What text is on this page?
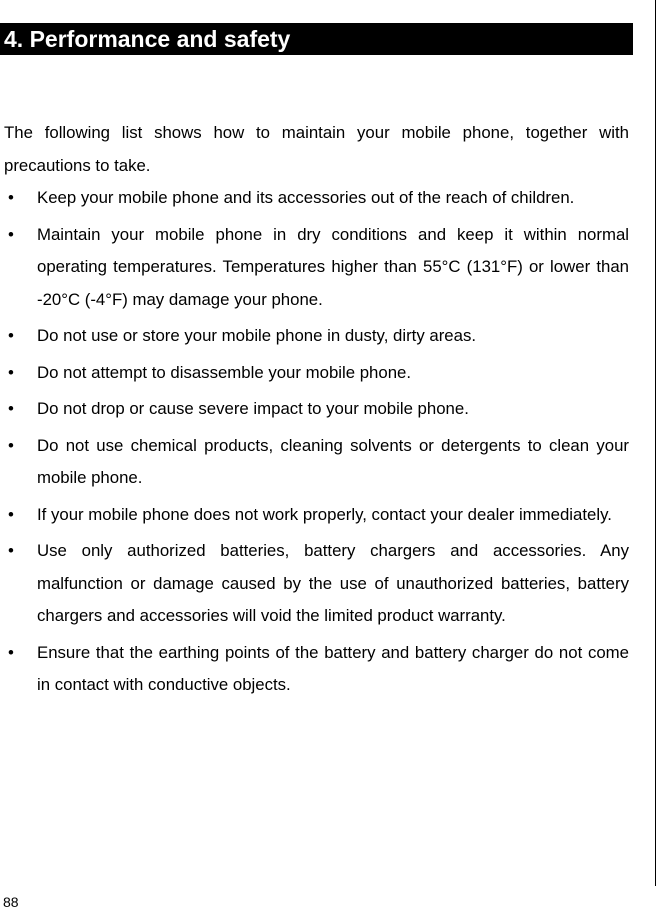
4. Performance and safety

The following list shows how to maintain your mobile phone, together with precautions to take.

• Keep your mobile phone and its accessories out of the reach of children.
• Maintain your mobile phone in dry conditions and keep it within normal operating temperatures. Temperatures higher than 55°C (131°F) or lower than -20°C (-4°F) may damage your phone.
• Do not use or store your mobile phone in dusty, dirty areas.
• Do not attempt to disassemble your mobile phone.
• Do not drop or cause severe impact to your mobile phone.
• Do not use chemical products, cleaning solvents or detergents to clean your mobile phone.
• If your mobile phone does not work properly, contact your dealer immediately.
• Use only authorized batteries, battery chargers and accessories. Any malfunction or damage caused by the use of unauthorized batteries, battery chargers and accessories will void the limited product warranty.
• Ensure that the earthing points of the battery and battery charger do not come in contact with conductive objects.
88
